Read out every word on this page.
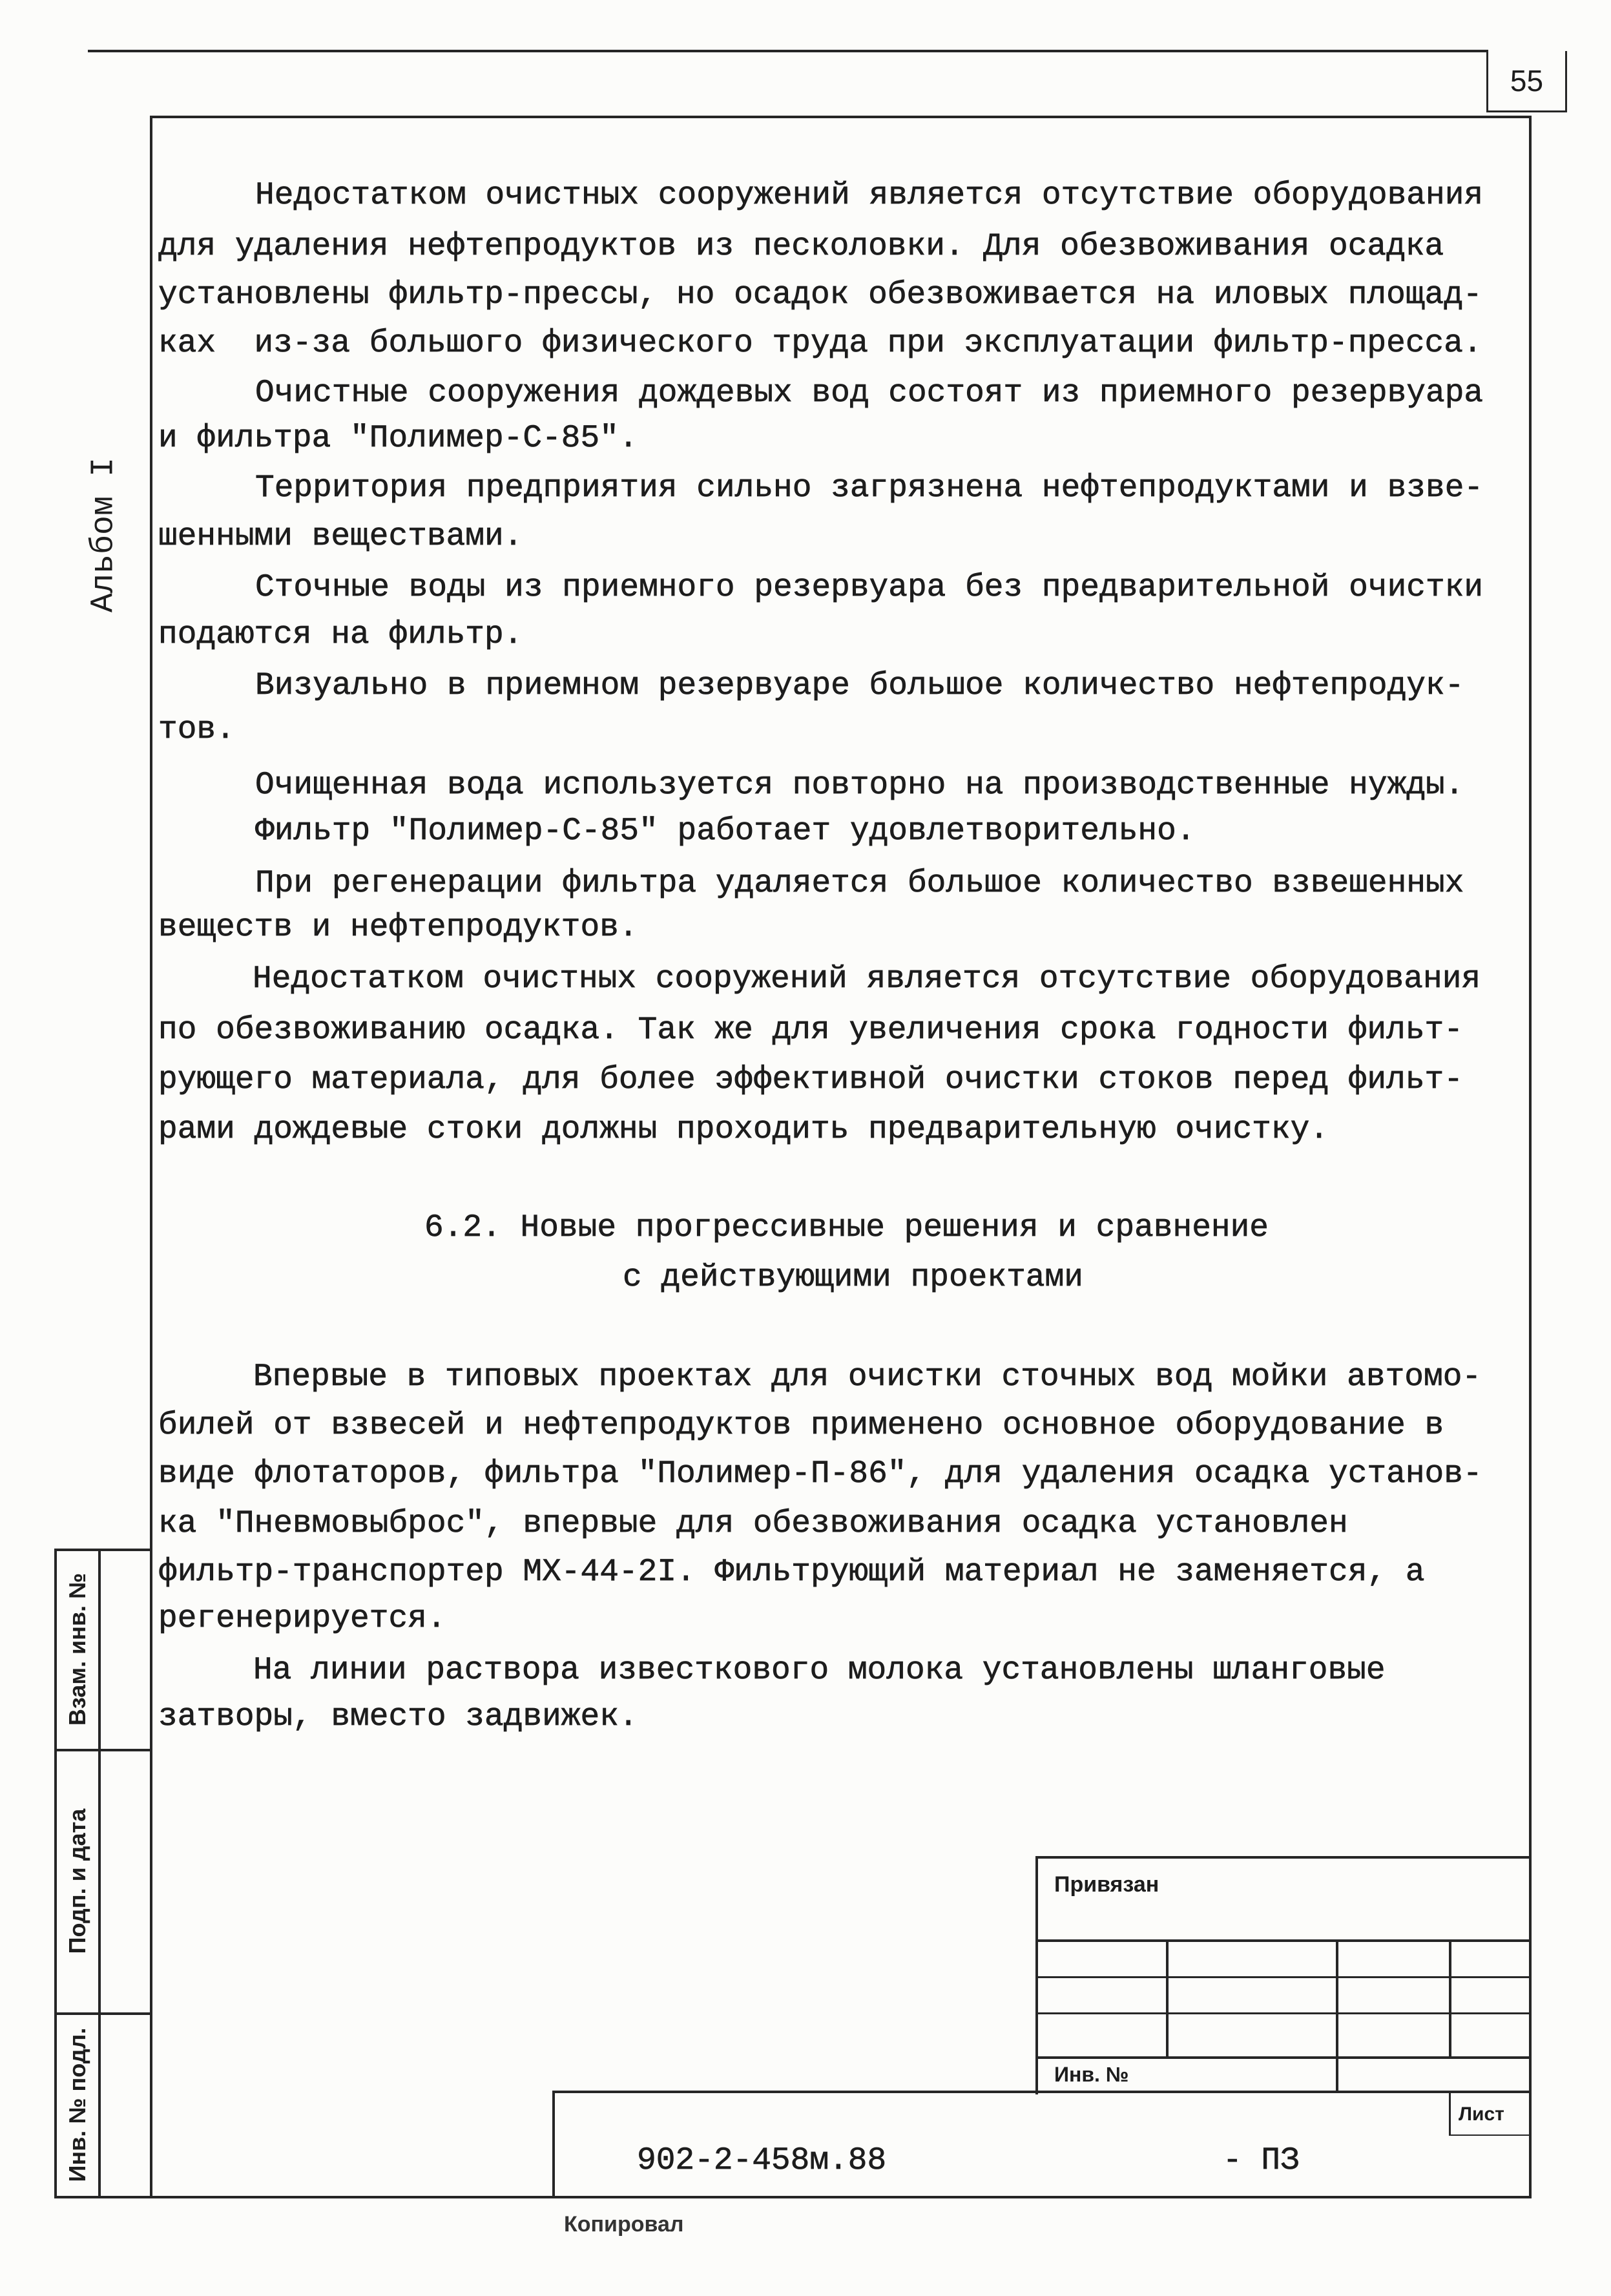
55
Альбом I
Недостатком очистных сооружений является отсутствие оборудования
для удаления нефтепродуктов из песколовки. Для обезвоживания осадка
установлены фильтр-прессы, но осадок обезвоживается на иловых площад-
ках  из-за большого физического труда при эксплуатации фильтр-пресса.
Очистные сооружения дождевых вод состоят из приемного резервуара
и фильтра "Полимер-С-85".
Территория предприятия сильно загрязнена нефтепродуктами и взве-
шенными веществами.
Сточные воды из приемного резервуара без предварительной очистки
подаются на фильтр.
Визуально в приемном резервуаре большое количество нефтепродук-
тов.
Очищенная вода используется повторно на производственные нужды.
Фильтр "Полимер-С-85" работает удовлетворительно.
При регенерации фильтра удаляется большое количество взвешенных
веществ и нефтепродуктов.
Недостатком очистных сооружений является отсутствие оборудования
по обезвоживанию осадка. Так же для увеличения срока годности фильт-
рующего материала, для более эффективной очистки стоков перед фильт-
рами дождевые стоки должны проходить предварительную очистку.
6.2. Новые прогрессивные решения и сравнение
с действующими проектами
Впервые в типовых проектах для очистки сточных вод мойки автомо-
билей от взвесей и нефтепродуктов применено основное оборудование в
виде флотаторов, фильтра "Полимер-П-86", для удаления осадка установ-
ка "Пневмовыброс", впервые для обезвоживания осадка установлен
фильтр-транспортер МХ-44-2I. Фильтрующий материал не заменяется, а
регенерируется.
На линии раствора известкового молока установлены шланговые
затворы, вместо задвижек.
Взам. инв. №
Подп. и дата
Инв. № подл.
Привязан
Инв. №
Лист
902-2-458м.88	- ПЗ
Копировал
